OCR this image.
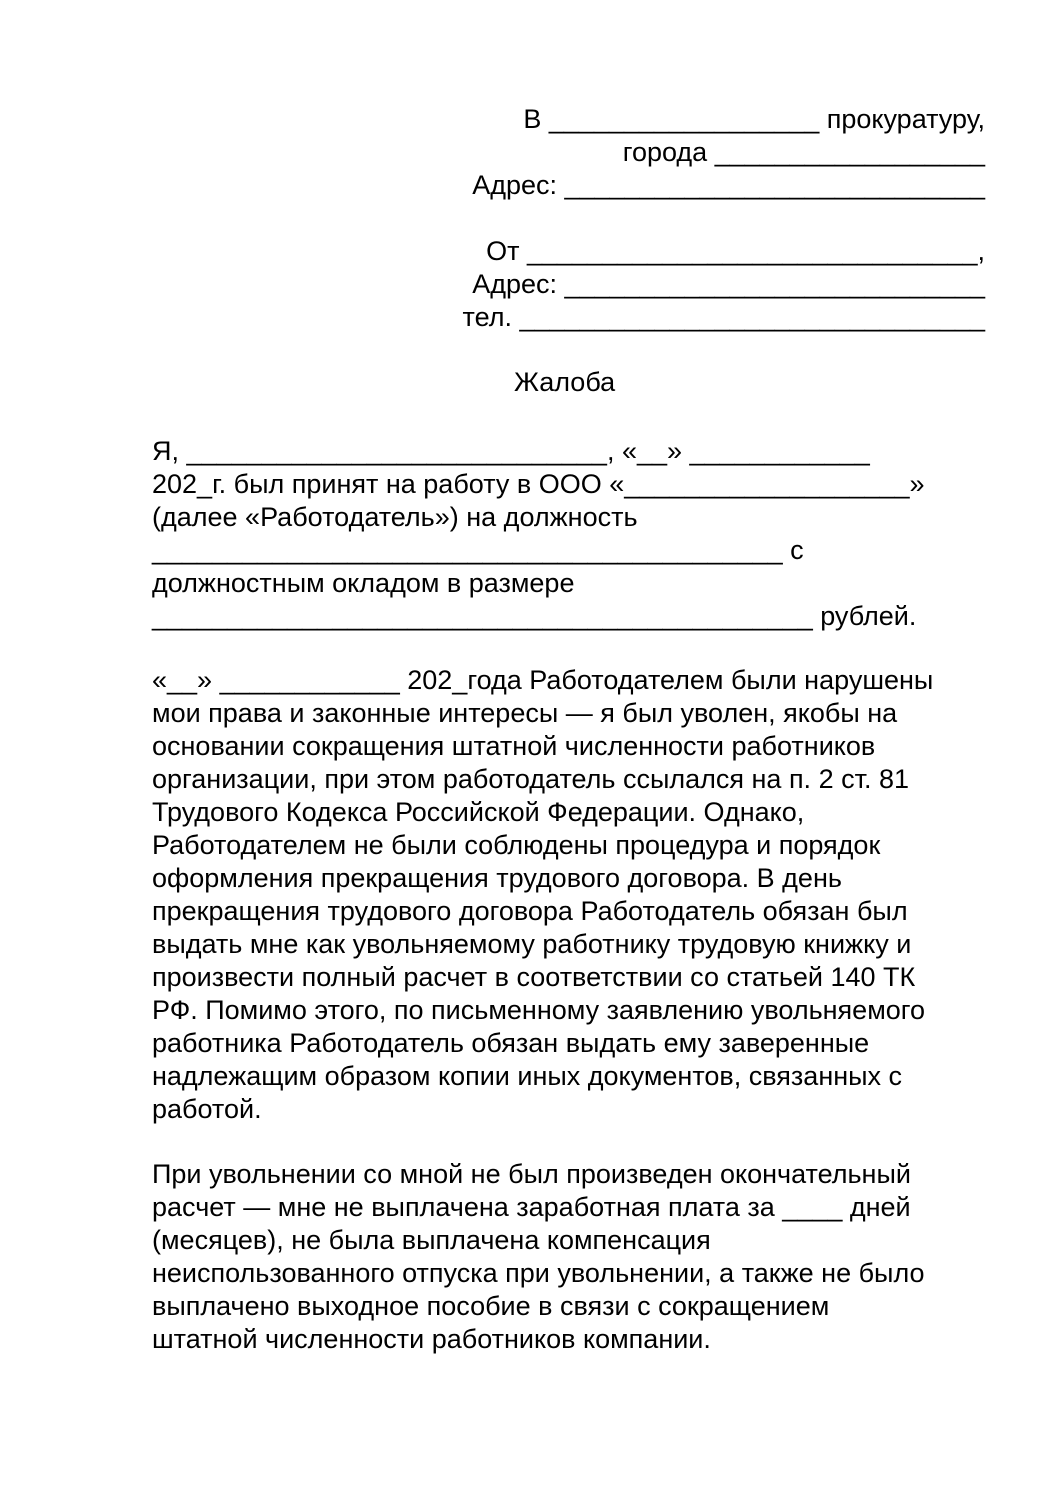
В __________________ прокуратуру,
города __________________
Адрес: ____________________________
От ______________________________,
Адрес: ____________________________
тел. _______________________________
Жалоба
Я, ____________________________, «__» ____________
202_г. был принят на работу в ООО «___________________»
(далее «Работодатель») на должность
__________________________________________ с
должностным окладом в размере
____________________________________________ рублей.
«__» ____________ 202_года Работодателем были нарушены
мои права и законные интересы — я был уволен, якобы на
основании сокращения штатной численности работников
организации, при этом работодатель ссылался на п. 2 ст. 81
Трудового Кодекса Российской Федерации. Однако,
Работодателем не были соблюдены процедура и порядок
оформления прекращения трудового договора. В день
прекращения трудового договора Работодатель обязан был
выдать мне как увольняемому работнику трудовую книжку и
произвести полный расчет в соответствии со статьей 140 ТК
РФ. Помимо этого, по письменному заявлению увольняемого
работника Работодатель обязан выдать ему заверенные
надлежащим образом копии иных документов, связанных с
работой.
При увольнении со мной не был произведен окончательный
расчет — мне не выплачена заработная плата за ____ дней
(месяцев), не была выплачена компенсация
неиспользованного отпуска при увольнении, а также не было
выплачено выходное пособие в связи с сокращением
штатной численности работников компании.
